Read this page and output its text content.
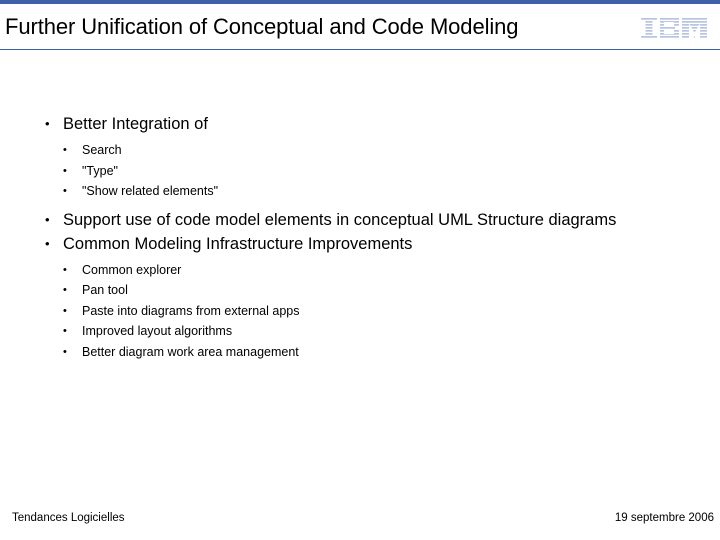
Further Unification of Conceptual and Code Modeling
• Better Integration of
• Search
• "Type"
• "Show related elements"
• Support use of code model elements in conceptual UML Structure diagrams
• Common Modeling Infrastructure Improvements
• Common explorer
• Pan tool
• Paste into diagrams from external apps
• Improved layout algorithms
• Better diagram work area management
Tendances Logicielles	19 septembre 2006
